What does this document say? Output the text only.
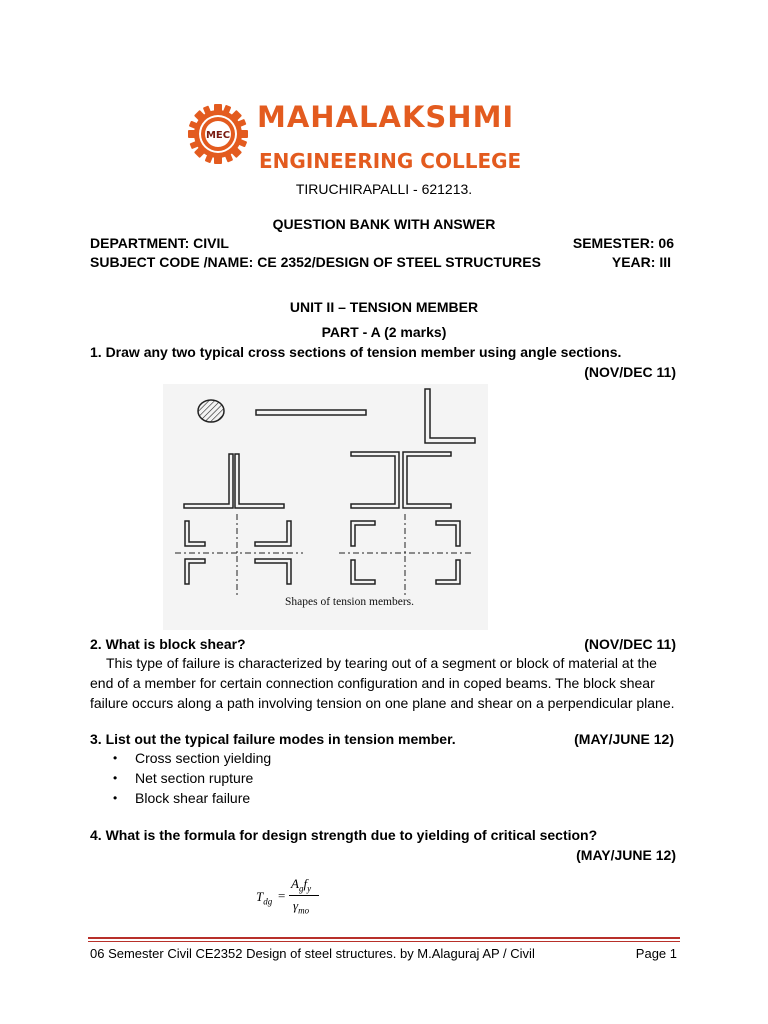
MEC
MAHALAKSHMI
ENGINEERING COLLEGE
TIRUCHIRAPALLI - 621213.
QUESTION BANK WITH ANSWER
DEPARTMENT: CIVIL	SEMESTER: 06
SUBJECT CODE /NAME: CE 2352/DESIGN OF STEEL STRUCTURES	YEAR: III
UNIT II – TENSION MEMBER
PART - A (2 marks)
1. Draw any two typical cross sections of tension member using angle sections.
(NOV/DEC 11)
Shapes of tension members.
2. What is block shear?	(NOV/DEC 11)
This type of failure is characterized by tearing out of a segment or block of material at the end of a member for certain connection configuration and in coped beams. The block shear failure occurs along a path involving tension on one plane and shear on a perpendicular plane.
3. List out the typical failure modes in tension member.	(MAY/JUNE 12)
• Cross section yielding
• Net section rupture
• Block shear failure
4. What is the formula for design strength due to yielding of critical section?
(MAY/JUNE 12)
$T_{dg}$ =
$A_gf_y$
$\gamma_{mo}$
06 Semester Civil CE2352 Design of steel structures. by M.Alaguraj AP / Civil	Page 1
